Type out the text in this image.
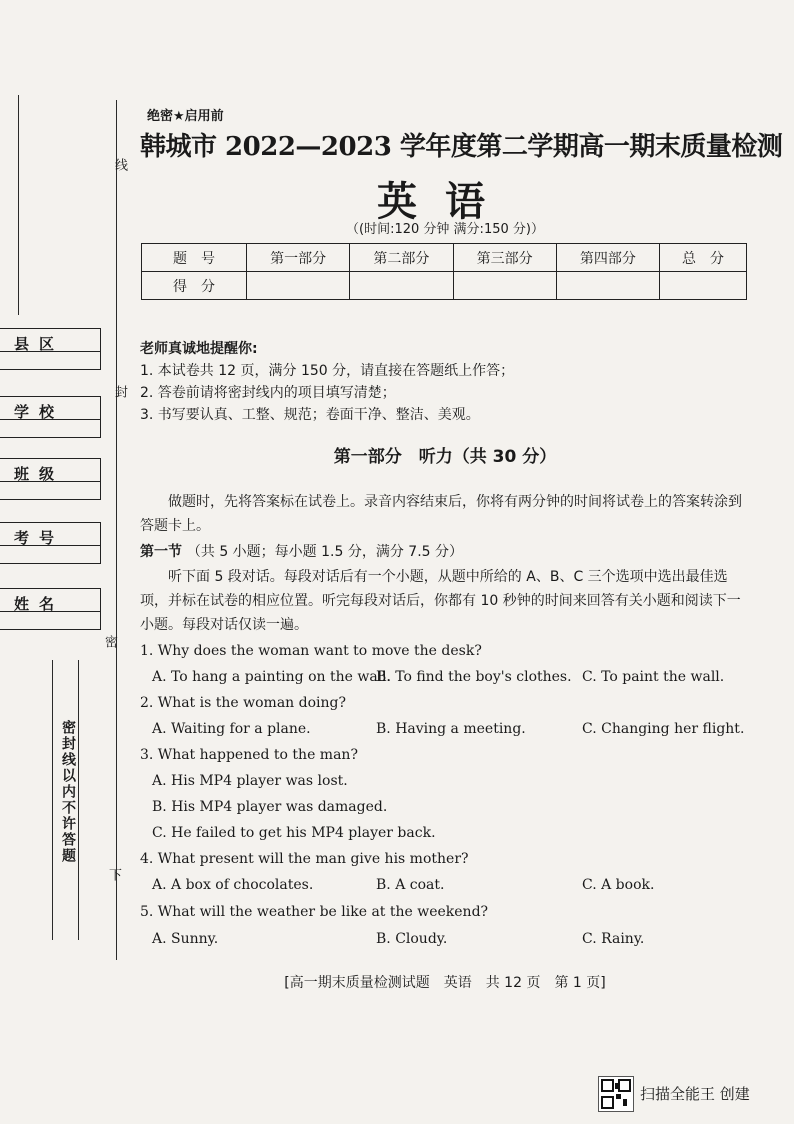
线
封
密
下
县区
学校
班级
考号
姓名
密封线以内不许答题
绝密★启用前
韩城市 2022—2023 学年度第二学期高一期末质量检测
英语
（(时间:120 分钟 满分:150 分)）
题　号	第一部分	第二部分	第三部分	第四部分	总　分
得　分					
老师真诚地提醒你:
1. 本试卷共 12 页，满分 150 分，请直接在答题纸上作答；
2. 答卷前请将密封线内的项目填写清楚；
3. 书写要认真、工整、规范；卷面干净、整洁、美观。
第一部分　听力（共 30 分）
做题时，先将答案标在试卷上。录音内容结束后，你将有两分钟的时间将试卷上的答案转涂到答题卡上。
第一节 （共 5 小题；每小题 1.5 分，满分 7.5 分）
听下面 5 段对话。每段对话后有一个小题，从题中所给的 A、B、C 三个选项中选出最佳选项，并标在试卷的相应位置。听完每段对话后，你都有 10 秒钟的时间来回答有关小题和阅读下一小题。每段对话仅读一遍。
1. Why does the woman want to move the desk?
A. To hang a painting on the wall.
B. To find the boy's clothes. C. To paint the wall.
2. What is the woman doing?
A. Waiting for a plane.	B. Having a meeting.	C. Changing her flight.
3. What happened to the man?
A. His MP4 player was lost.
B. His MP4 player was damaged.
C. He failed to get his MP4 player back.
4. What present will the man give his mother?
A. A box of chocolates.	B. A coat.	C. A book.
5. What will the weather be like at the weekend?
A. Sunny.	B. Cloudy.	C. Rainy.
[高一期末质量检测试题　英语　共 12 页　第 1 页]
扫描全能王 创建
